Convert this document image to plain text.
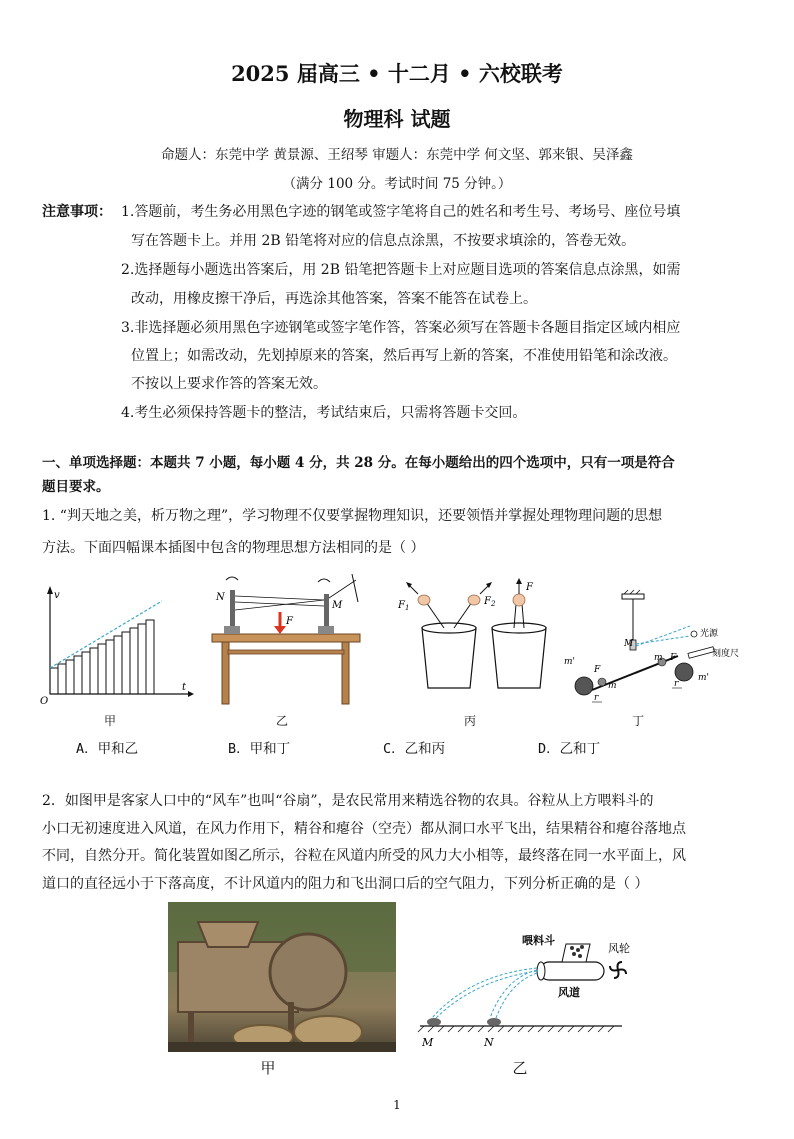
2025 届高三 • 十二月 • 六校联考
物理科 试题
命题人：东莞中学 黄景源、王绍琴 审题人：东莞中学 何文坚、郭来银、吴泽鑫
（满分 100 分。考试时间 75 分钟。）
注意事项： 1.答题前，考生务必用黑色字迹的钢笔或签字笔将自己的姓名和考生号、考场号、座位号填
写在答题卡上。并用 2B 铅笔将对应的信息点涂黑，不按要求填涂的，答卷无效。
2.选择题每小题选出答案后，用 2B 铅笔把答题卡上对应题目选项的答案信息点涂黑，如需
改动，用橡皮擦干净后，再选涂其他答案，答案不能答在试卷上。
3.非选择题必须用黑色字迹钢笔或签字笔作答，答案必须写在答题卡各题目指定区域内相应
位置上；如需改动，先划掉原来的答案，然后再写上新的答案，不准使用铅笔和涂改液。
不按以上要求作答的答案无效。
4.考生必须保持答题卡的整洁，考试结束后，只需将答题卡交回。
一、单项选择题：本题共 7 小题，每小题 4 分，共 28 分。在每小题给出的四个选项中，只有一项是符合
题目要求。
1. “判天地之美，析万物之理”，学习物理不仅要掌握物理知识，还要领悟并掌握处理物理问题的思想
方法。下面四幅课本插图中包含的物理思想方法相同的是（ ）
v
t
O
甲
N
M
F
乙
$F_1$
$F_2$
F
丙
M
光源
刻度尺
m'
m'
m
m
F
F
r
r
丁
A．甲和乙	B．甲和丁	C．乙和丙	D．乙和丁
2．如图甲是客家人口中的“风车”也叫“谷扇”，是农民常用来精选谷物的农具。谷粒从上方喂料斗的
小口无初速度进入风道，在风力作用下，精谷和瘪谷（空壳）都从洞口水平飞出，结果精谷和瘪谷落地点
不同，自然分开。简化装置如图乙所示，谷粒在风道内所受的风力大小相等，最终落在同一水平面上，风
道口的直径远小于下落高度，不计风道内的阻力和飞出洞口后的空气阻力，下列分析正确的是（ ）
甲
喂料斗
风轮
风道
M	N
乙
1
